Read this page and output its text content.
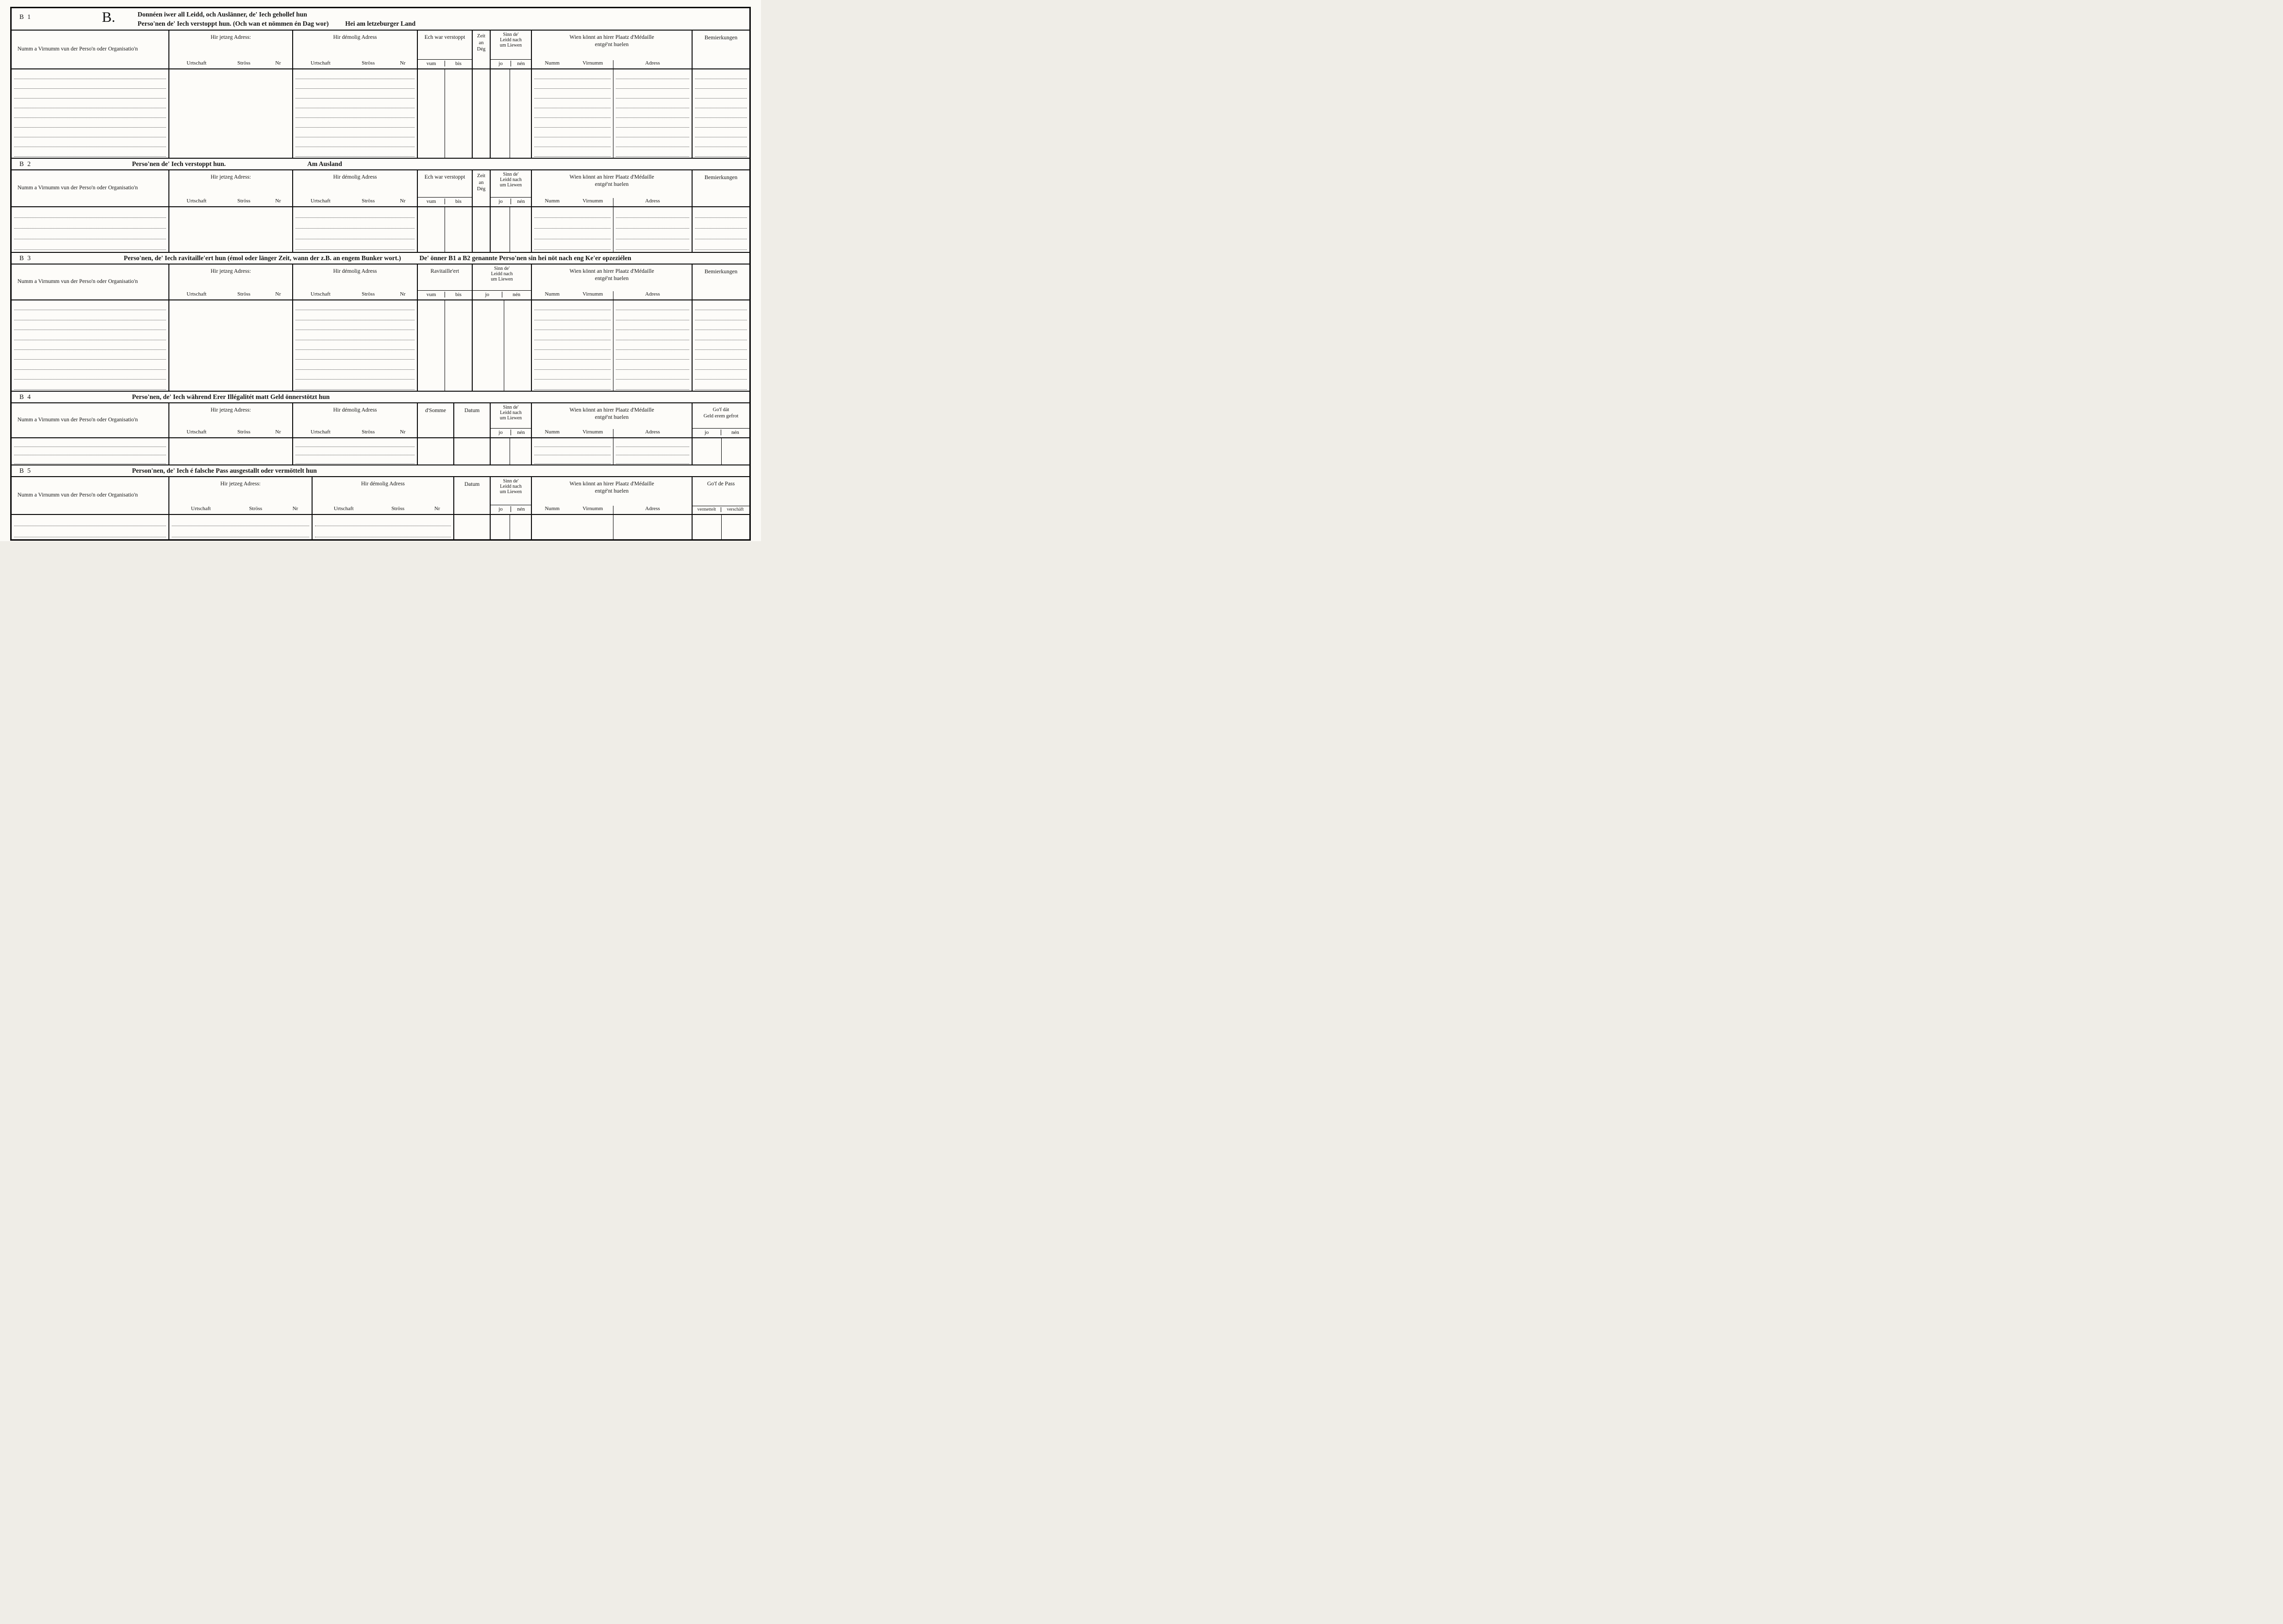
B 1	B.	Donnéen iwer all Leidd, och Auslänner, de' Iech gehollef hun
Perso'nen de' Iech verstoppt hun. (Och wan et nömmen én Dag wor)	Hei am letzeburger Land
Numm a Virnumm vun der Perso'n oder Organisatio'n
Hir jetzeg Adress:
Urtschaft	Ströss	Nr
Hir démolig Adress
Urtschaft	Ströss	Nr
Ech war verstoppt
vum	bis
Zeit
an
Dég
Sinn de'
Leidd nach
um Liewen
jo	nén
Wien könnt an hirer Plaatz d'Médaille
entgé'nt huelen
Numm	Virnumm	Adress
Bemierkungen
B 2	Perso'nen de' Iech verstoppt hun.	Am Ausland
Numm a Virnumm vun der Perso'n oder Organisatio'n
Hir jetzeg Adress:
Urtschaft	Ströss	Nr
Hir démolig Adress
Urtschaft	Ströss	Nr
Ech war verstoppt
vum	bis
Zeit
an
Dég
Sinn de'
Leidd nach
um Liewen
jo	nén
Wien könnt an hirer Plaatz d'Médaille
entgé'nt huelen
Numm	Virnumm	Adress
Bemierkungen
B 3	Perso'nen, de' Iech ravitaille'ert hun (émol oder länger Zeit, wann der z.B. an engem Bunker wort.)	De' önner B1 a B2 genannte Perso'nen sin hei nöt nach eng Ke'er opzeziélen
Numm a Virnumm vun der Perso'n oder Organisatio'n
Hir jetzeg Adress:
Urtschaft	Ströss	Nr
Hir démolig Adress
Urtschaft	Ströss	Nr
Ravitaille'ert
vum	bis
Sinn de'
Leidd nach
um Liewen
jo	nén
Wien könnt an hirer Plaatz d'Médaille
entgé'nt huelen
Numm	Virnumm	Adress
Bemierkungen
B 4	Perso'nen, de' Iech während Erer Illégalitét matt Geld önnerstötzt hun
Numm a Virnumm vun der Perso'n oder Organisatio'n
Hir jetzeg Adress:
Urtschaft	Ströss	Nr
Hir démolig Adress
Urtschaft	Ströss	Nr
d'Somme	Datum
Sinn de'
Leidd nach
um Liewen
jo	nén
Wien könnt an hirer Plaatz d'Médaille
entgé'nt huelen
Numm	Virnumm	Adress
Go'f dät
Geld erem gefrot
jo	nén
B 5	Person'nen, de' Iech é falsche Pass ausgestallt oder vermöttelt hun
Numm a Virnumm vun der Perso'n oder Organisatio'n
Hir jetzeg Adress:
Urtschaft	Ströss	Nr
Hir démolig Adress
Urtschaft	Ströss	Nr
Datum
Sinn de'
Leidd nach
um Liewen
jo	nén
Wien könnt an hirer Plaatz d'Médaille
entgé'nt huelen
Numm	Virnumm	Adress
Go'f de Pass
vermettelt	verschäft
